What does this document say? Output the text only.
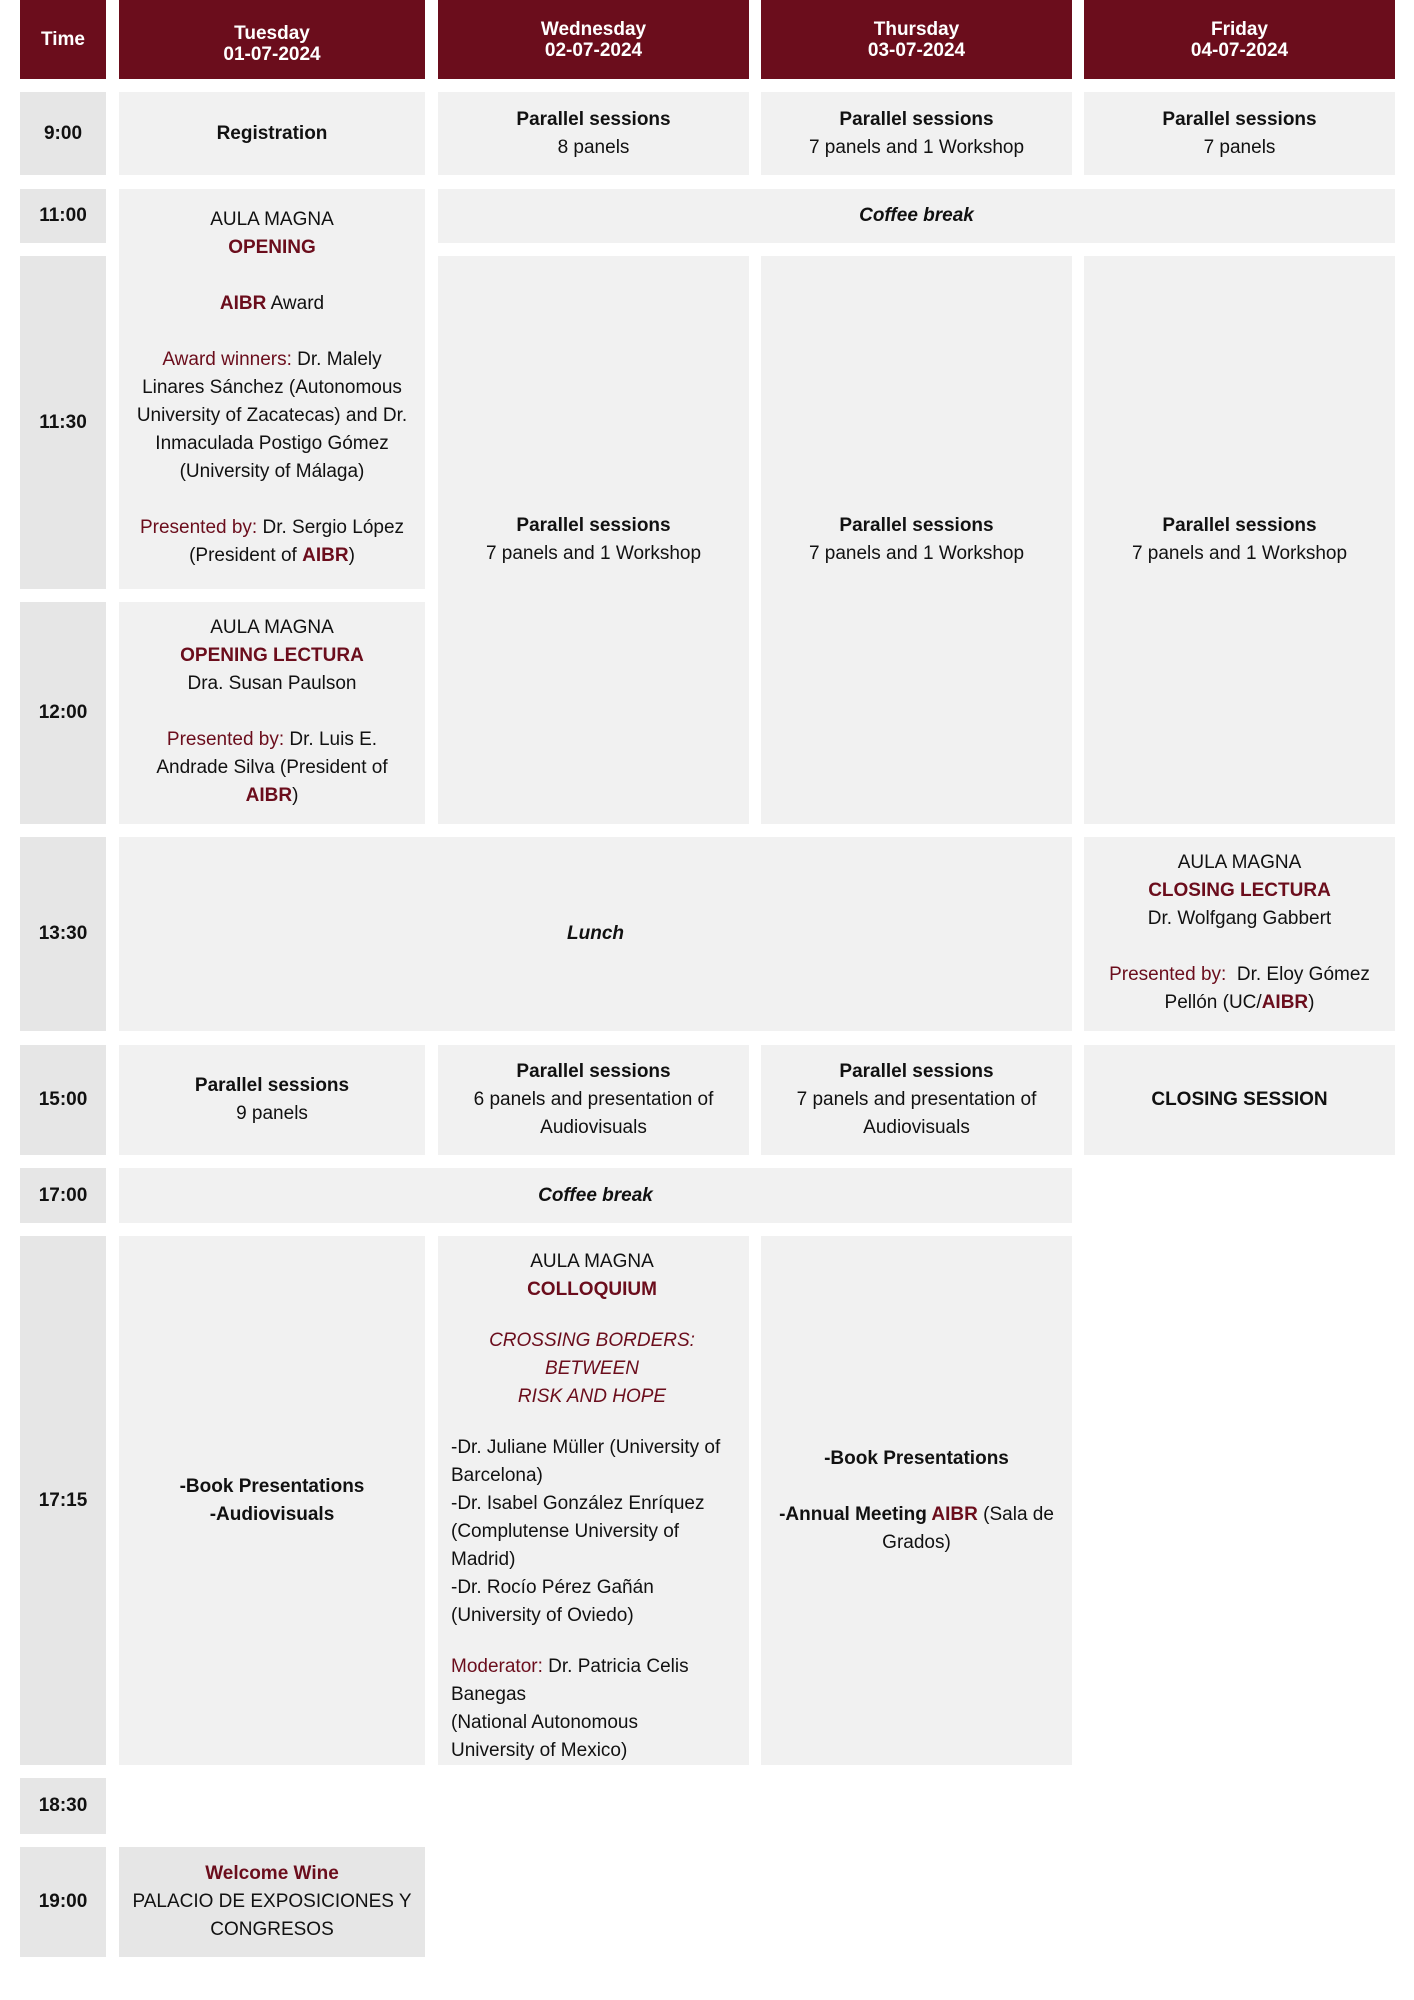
Time	Tuesday
01-07-2024
Wednesday
02-07-2024
Thursday
03-07-2024
Friday
04-07-2024
9:00
11:00
11:30
12:00
13:30
15:00
17:00
17:15
18:30
19:00
Registration
Parallel sessions
8 panels
Parallel sessions
7 panels and 1 Workshop
Parallel sessions
7 panels
Coffee break
AULA MAGNA
OPENING
AIBR Award
Award winners: Dr. Malely
Linares Sánchez (Autonomous
University of Zacatecas) and Dr.
Inmaculada Postigo Gómez
(University of Málaga)
Presented by: Dr. Sergio López
(President of AIBR)
AULA MAGNA
OPENING LECTURA
Dra. Susan Paulson
Presented by: Dr. Luis E.
Andrade Silva (President of
AIBR)
Parallel sessions
7 panels and 1 Workshop
Parallel sessions
7 panels and 1 Workshop
Parallel sessions
7 panels and 1 Workshop
Lunch
AULA MAGNA
CLOSING LECTURA
Dr. Wolfgang Gabbert
Presented by:  Dr. Eloy Gómez
Pellón (UC/AIBR)
Parallel sessions
9 panels
Parallel sessions
6 panels and presentation of
Audiovisuals
Parallel sessions
7 panels and presentation of
Audiovisuals
CLOSING SESSION
Coffee break
-Book Presentations
-Audiovisuals
AULA MAGNA
COLLOQUIUM
CROSSING BORDERS: BETWEEN
RISK AND HOPE
-Dr. Juliane Müller (University of
Barcelona)
-Dr. Isabel González Enríquez
(Complutense University of
Madrid)
-Dr. Rocío Pérez Gañán
(University of Oviedo)
Moderator: Dr. Patricia Celis
Banegas
(National Autonomous
University of Mexico)
-Book Presentations
-Annual Meeting AIBR (Sala de
Grados)
Welcome Wine
PALACIO DE EXPOSICIONES Y
CONGRESOS
